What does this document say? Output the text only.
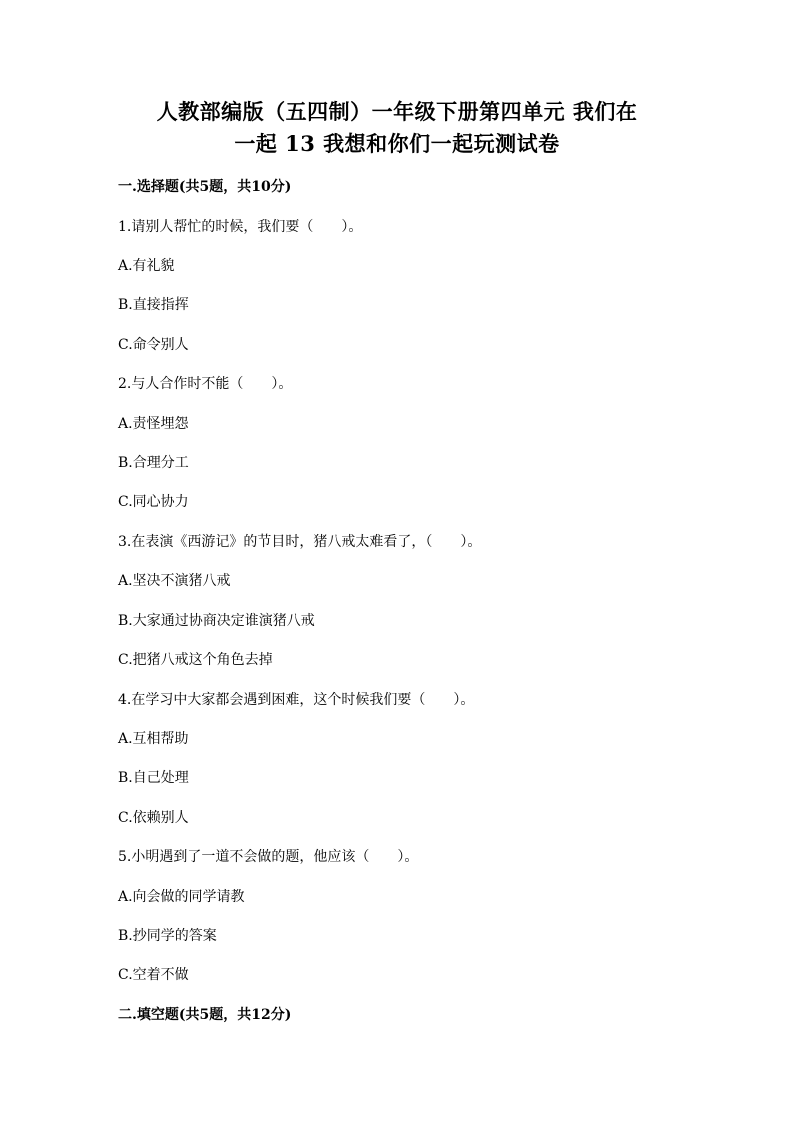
人教部编版（五四制）一年级下册第四单元 我们在
一起 13 我想和你们一起玩测试卷
一.选择题(共5题，共10分)
1.请别人帮忙的时候，我们要（　　）。
A.有礼貌
B.直接指挥
C.命令别人
2.与人合作时不能（　　）。
A.责怪埋怨
B.合理分工
C.同心协力
3.在表演《西游记》的节目时，猪八戒太难看了，（　　）。
A.坚决不演猪八戒
B.大家通过协商决定谁演猪八戒
C.把猪八戒这个角色去掉
4.在学习中大家都会遇到困难，这个时候我们要（　　）。
A.互相帮助
B.自己处理
C.依赖别人
5.小明遇到了一道不会做的题，他应该（　　）。
A.向会做的同学请教
B.抄同学的答案
C.空着不做
二.填空题(共5题，共12分)
